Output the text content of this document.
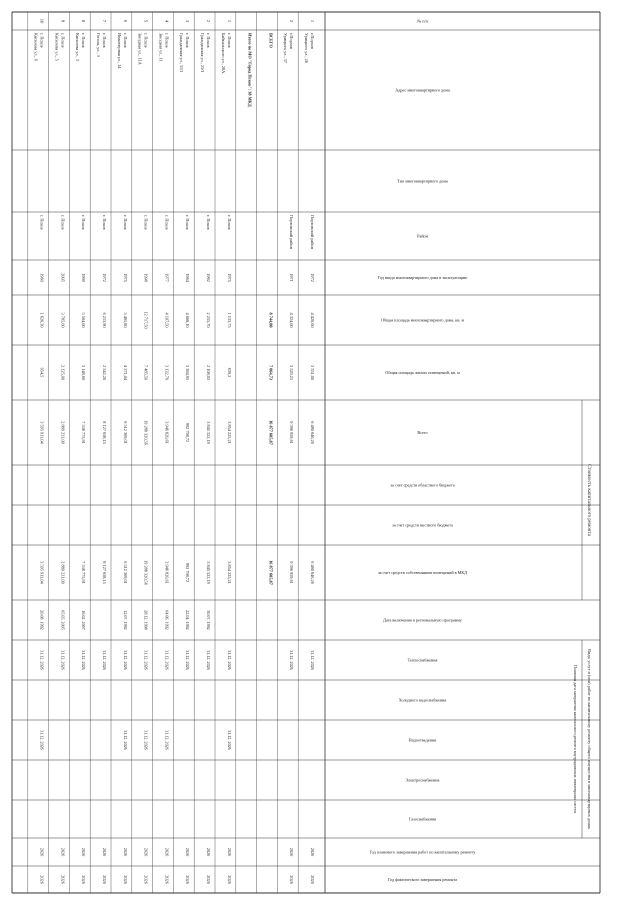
№ п/п
Адрес многоквартирного дома
Тип многоквартирного дома
Район
Год ввода многоквартирного дома в эксплуатацию
Общая площадь многоквартирного дома, кв. м
Общая площадь жилых помещений, кв. м
Всего
за счет средств областного бюджета
за счет средств местного бюджета
за счет средств собственников помещений в МКД
Дата включения в региональную программу
Теплоснабжения
Холодного водоснабжения
Водоотведения
Электроснабжения
Газоснабжения
Год планового завершения работ по капитальному ремонту
Год фактического завершения ремонта
Стоимость капитального ремонта
Виды услуг и (или) работ по капитальному ремонту общего имущества в многоквартирных домах
Плановая дата завершения капитального ремонта внутридомовых инженерных систем
1
г.Порхов
Урицкого ул., 26
Порховский район
1972
4 420,00
3 551,00
6 480 646,26
6 480 646,26
31.12. 2026
2026
2026
2
г.Порхов
Урицкого ул., 37
Порховский район
1971
4 324,00
3 529,21
9 396 959,61
9 396 959,61
31.12. 2026
2026
2026
ВСЕГО
8 744,00
7 064,73
16 877 605,87
16 877 605,87
Итого по МО "Город Псков": 38 МКД
1
г. Псков
Байкальского ул., 28А
г. Псков
1975
1 133,75
639,2
3 854 225,21
3 854 225,21
31.12. 2026
31.12. 2026
2026
2026
2
г. Псков
Гражданская ул., 23/1
г. Псков
1962
2 255,70
2 108,03
3 845 322,19
3 845 322,19
30.07. 1992
31.12. 2026
2026
2026
3
г. Псков
Гражданская ул., 11/1
г. Псков
1964
4 668,10
3 384,95
992 798,72
992 798,72
22.04. 1992
31.12. 2026
2026
2026
4
г. Псков
Звездная ул., 11
г. Псков
1977
4 107,50
3 132,70
3 946 820,61
3 946 820,61
04.06. 1992
31.12. 2026
31.12. 2026
2026
2026
5
г. Псков
Звездная ул., 11А
г. Псков
1998
12 717,50
7 485,50
19 288 320,56
19 288 320,56
28.12. 1998
31.12. 2026
31.12. 2026
2026
2026
6
г. Псков
Инженерная ул., 14
г. Псков
1975
5 465,80
4 371,04
6 512 369,01
6 512 369,01
12.07. 1992
31.12. 2026
31.12. 2026
2026
2026
7
г. Псков
Гоголя, ул., 3
г. Псков
1972
6 213,90
2 542,20
8 127 658,15
8 127 658,15
31.12. 2026
2026
2026
8
г. Псков
Кисилева ул., 3
г. Псков
1999
5 504,00
3 148,60
7 538 775,91
7 538 775,91
16.02. 2007
31.12. 2026
2026
2026
9
г. Псков
Кисилева ул., 5
г. Псков
2005
3 785,00
2 125,90
2 889 231,09
2 889 231,09
05.05. 2005
31.12. 2026
2026
2026
10
г. Псков
Кисилева ул., 6
г. Псков
1960
1 626,30
954,5
3 595 911,04
3 595 911,04
20.08. 1992
31.12. 2026
31.12. 2026
2026
2026
